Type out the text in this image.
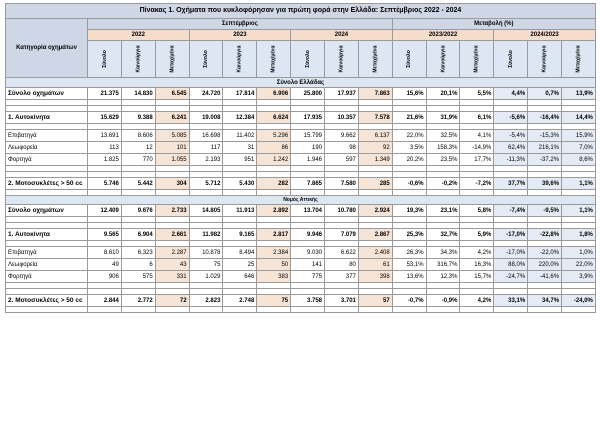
Πίνακας 1. Οχήματα που κυκλοφόρησαν για πρώτη φορά στην Ελλάδα: Σεπτέμβριος 2022 - 2024															
Κατηγορία οχημάτων	Σεπτέμβριος									Μεταβολή (%)					
	2022			2023			2024			2023/2022			2024/2023		
	Σύνολο	Καινούργια	Μεταχ/μένα	Σύνολο	Καινούργια	Μεταχ/μένα	Σύνολο	Καινούργια	Μεταχ/μένα	Σύνολο	Καινούργια	Μεταχ/μένα	Σύνολο	Καινούργια	Μεταχ/μένα
Σύνολο Ελλάδας															
Σύνολο οχημάτων	21.375	14.830	6.545	24.720	17.814	6.906	25.800	17.937	7.863	15,6%	20,1%	5,5%	4,4%	0,7%	13,9%

1. Αυτοκίνητα	15.629	9.388	6.241	19.008	12.384	6.624	17.935	10.357	7.578	21,6%	31,9%	6,1%	-5,6%	-16,4%	14,4%

Επιβατηγά	13.691	8.606	5.085	16.698	11.402	5.296	15.799	9.662	6.137	22,0%	32,5%	4,1%	-5,4%	-15,3%	15,9%
Λεωφορεία	113	12	101	117	31	86	190	98	92	3,5%	158,3%	-14,9%	62,4%	216,1%	7,0%
Φορτηγά	1.825	770	1.055	2.193	951	1.242	1.946	597	1.349	20,2%	23,5%	17,7%	-11,3%	-37,2%	8,6%

2. Μοτοσυκλέτες > 50 cc	5.746	5.442	304	5.712	5.430	282	7.865	7.580	285	-0,6%	-0,2%	-7,2%	37,7%	39,6%	1,1%

Νομός Αττικής															
Σύνολο οχημάτων	12.409	9.676	2.733	14.805	11.913	2.892	13.704	10.780	2.924	19,3%	23,1%	5,8%	-7,4%	-9,5%	1,1%

1. Αυτοκίνητα	9.565	6.904	2.661	11.982	9.165	2.817	9.946	7.079	2.867	25,3%	32,7%	5,9%	-17,0%	-22,8%	1,8%

Επιβατηγά	8.610	6.323	2.287	10.878	8.494	2.384	9.030	6.622	2.408	26,3%	34,3%	4,2%	-17,0%	-22,0%	1,0%
Λεωφορεία	49	6	43	75	25	50	141	80	61	53,1%	316,7%	16,3%	88,0%	220,0%	22,0%
Φορτηγά	906	575	331	1.029	646	383	775	377	398	13,6%	12,3%	15,7%	-24,7%	-41,6%	3,9%

2. Μοτοσυκλέτες > 50 cc	2.844	2.772	72	2.823	2.748	75	3.758	3.701	57	-0,7%	-0,9%	4,2%	33,1%	34,7%	-24,0%
